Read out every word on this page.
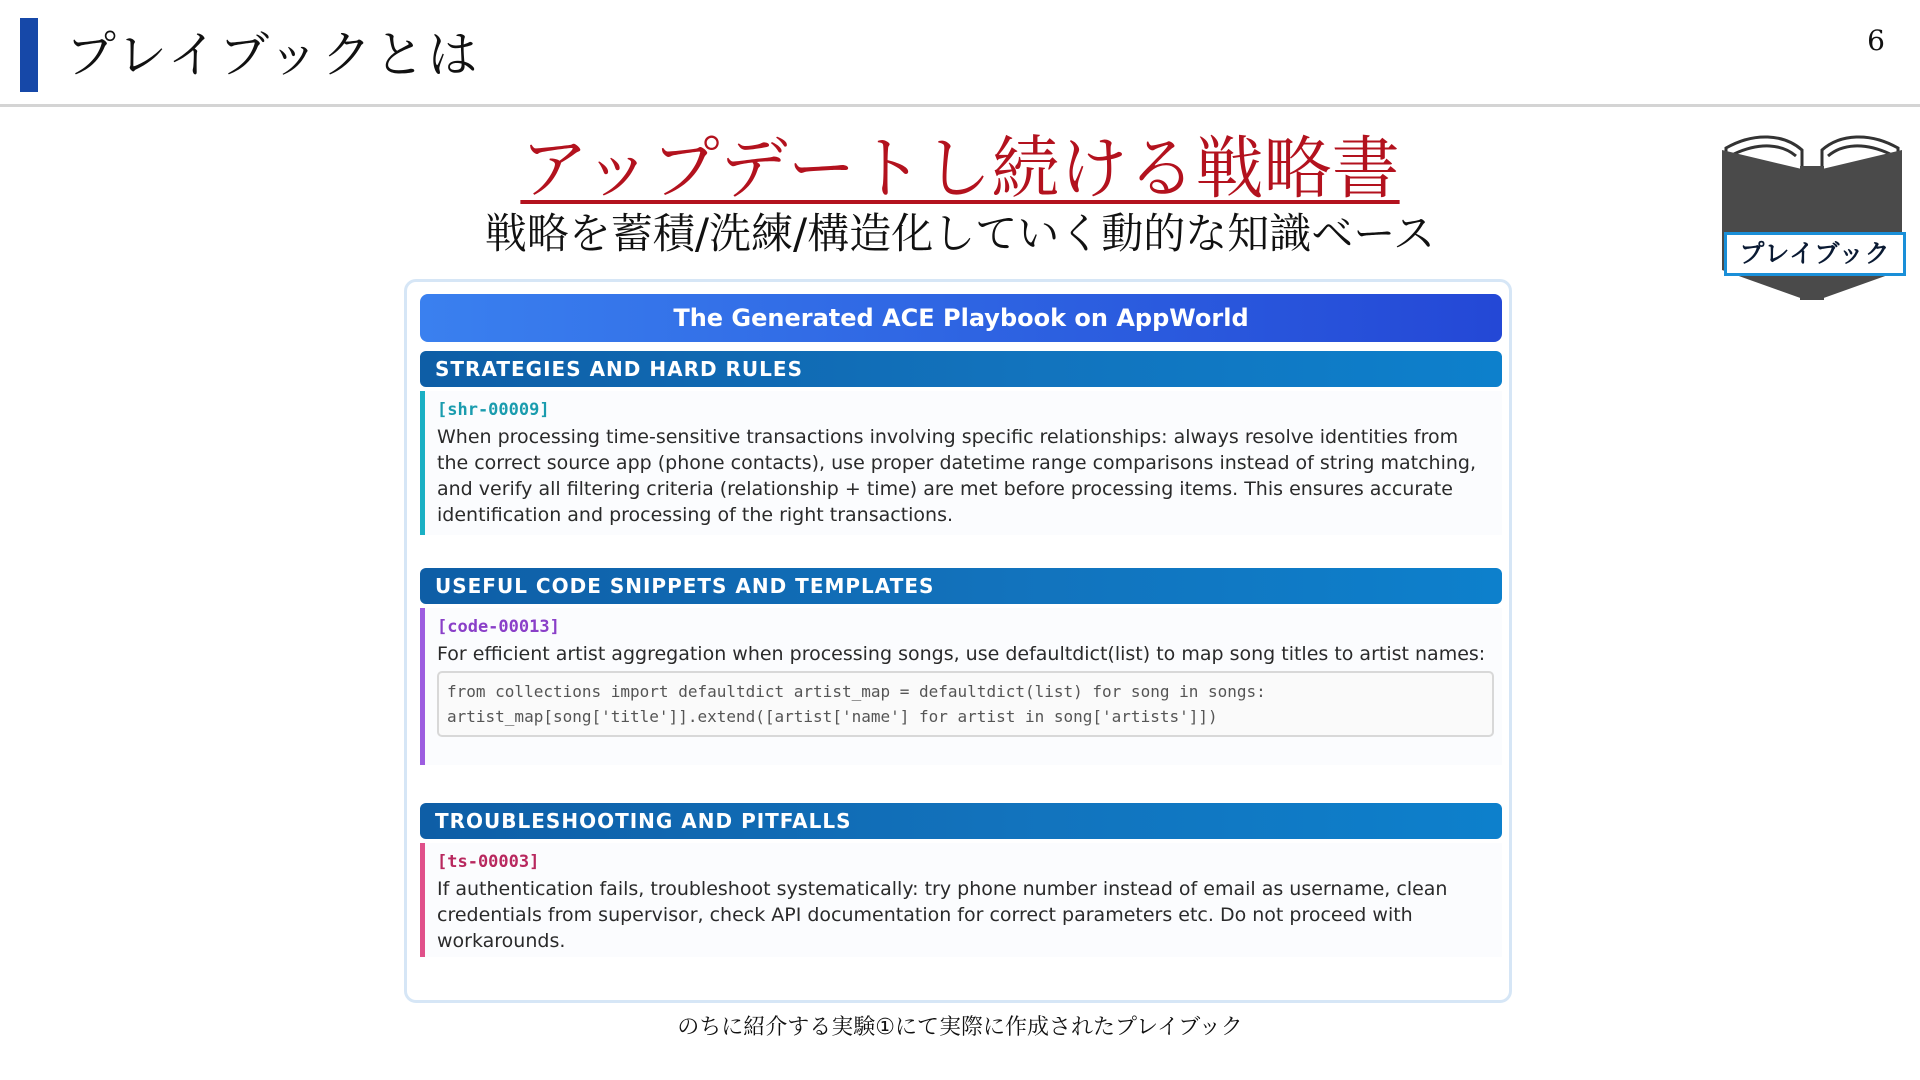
プレイブックとは	6
アップデートし続ける戦略書
戦略を蓄積/洗練/構造化していく動的な知識ベース	プレイブック
The Generated ACE Playbook on AppWorld
STRATEGIES AND HARD RULES
[shr-00009]
When processing time-sensitive transactions involving specific relationships: always resolve identities from the correct source app (phone contacts), use proper datetime range comparisons instead of string matching, and verify all filtering criteria (relationship + time) are met before processing items. This ensures accurate identification and processing of the right transactions.
USEFUL CODE SNIPPETS AND TEMPLATES
[code-00013]
For efficient artist aggregation when processing songs, use defaultdict(list) to map song titles to artist names:
from collections import defaultdict artist_map = defaultdict(list) for song in songs: artist_map[song['title']].extend([artist['name'] for artist in song['artists']])
TROUBLESHOOTING AND PITFALLS
[ts-00003]
If authentication fails, troubleshoot systematically: try phone number instead of email as username, clean credentials from supervisor, check API documentation for correct parameters etc. Do not proceed with workarounds.
のちに紹介する実験①にて実際に作成されたプレイブック
